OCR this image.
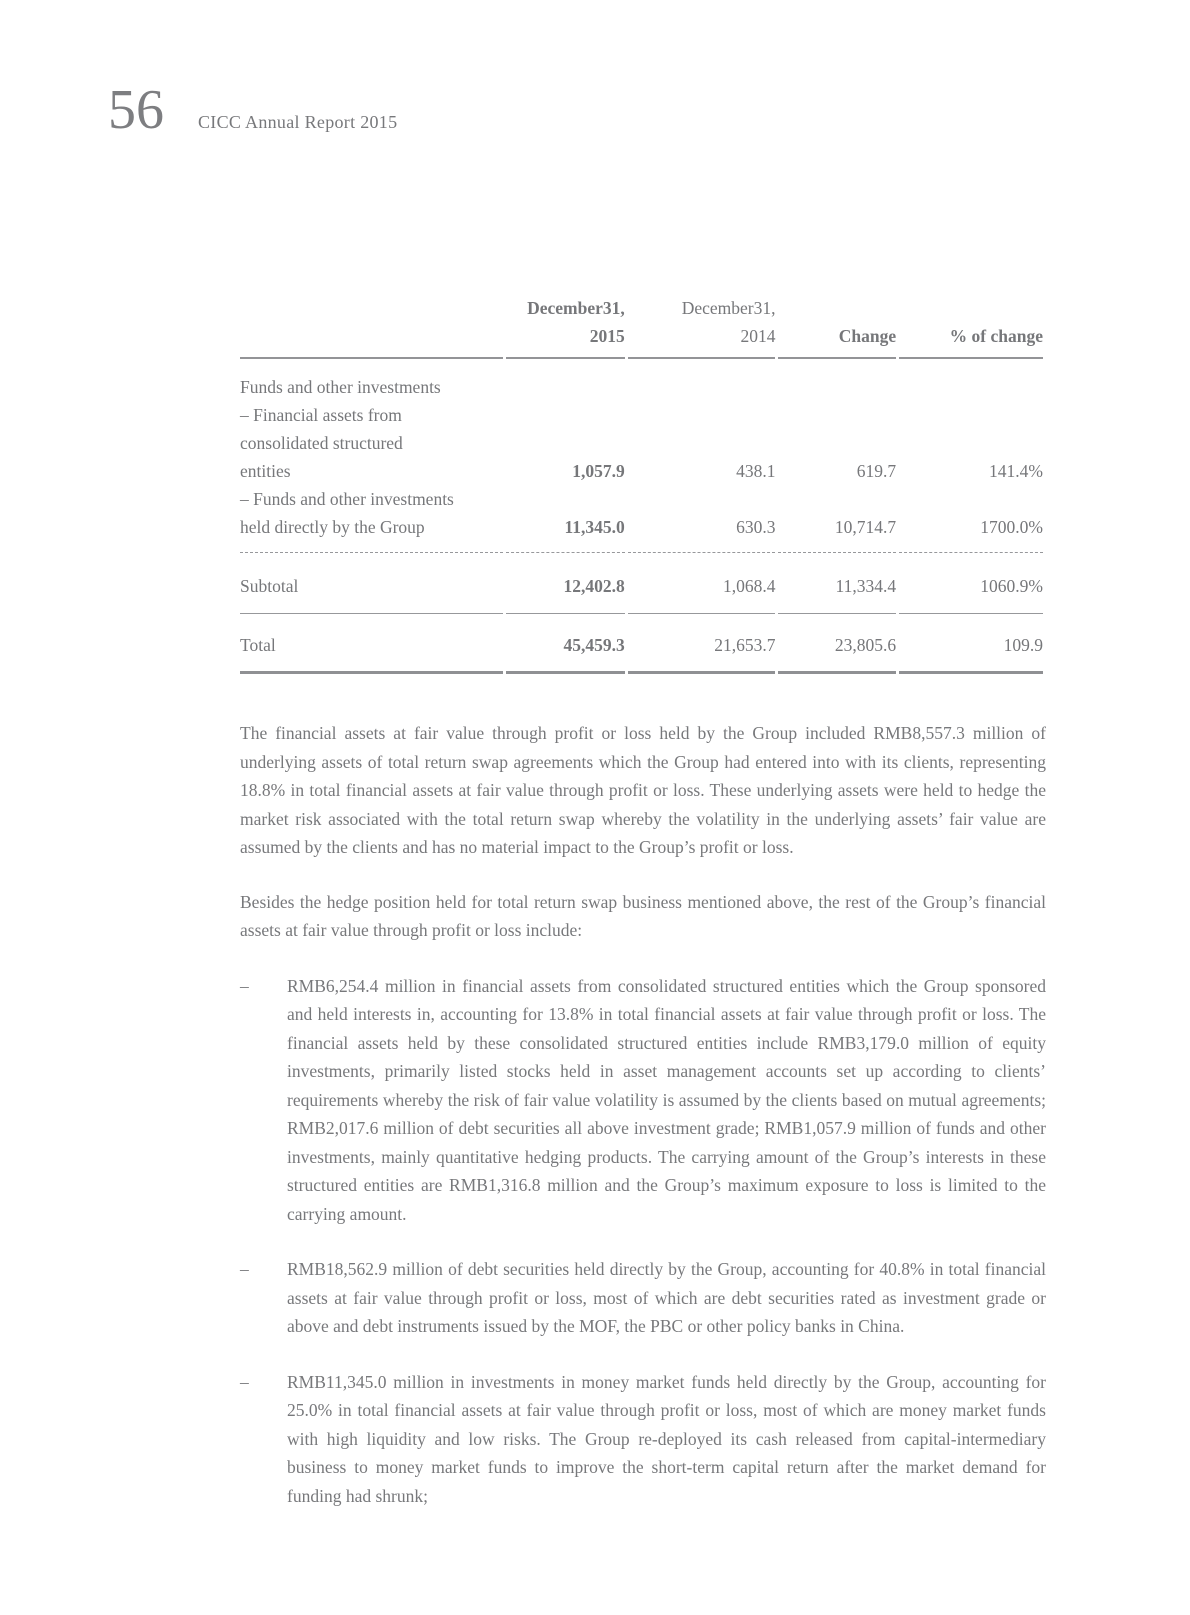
56 CICC Annual Report 2015
	December31,	December31,		
	2015	2014	Change	% of change
Funds and other investments				
– Financial assets from				
consolidated structured				
entities	1,057.9	438.1	619.7	141.4%
– Funds and other investments				
held directly by the Group	11,345.0	630.3	10,714.7	1700.0%
Subtotal	12,402.8	1,068.4	11,334.4	1060.9%
Total	45,459.3	21,653.7	23,805.6	109.9

The financial assets at fair value through profit or loss held by the Group included RMB8,557.3 million of underlying assets of total return swap agreements which the Group had entered into with its clients, representing 18.8% in total financial assets at fair value through profit or loss. These underlying assets were held to hedge the market risk associated with the total return swap whereby the volatility in the underlying assets’ fair value are assumed by the clients and has no material impact to the Group’s profit or loss.

Besides the hedge position held for total return swap business mentioned above, the rest of the Group’s financial assets at fair value through profit or loss include:

–	RMB6,254.4 million in financial assets from consolidated structured entities which the Group sponsored and held interests in, accounting for 13.8% in total financial assets at fair value through profit or loss. The financial assets held by these consolidated structured entities include RMB3,179.0 million of equity investments, primarily listed stocks held in asset management accounts set up according to clients’ requirements whereby the risk of fair value volatility is assumed by the clients based on mutual agreements; RMB2,017.6 million of debt securities all above investment grade; RMB1,057.9 million of funds and other investments, mainly quantitative hedging products. The carrying amount of the Group’s interests in these structured entities are RMB1,316.8 million and the Group’s maximum exposure to loss is limited to the carrying amount.
–	RMB18,562.9 million of debt securities held directly by the Group, accounting for 40.8% in total financial assets at fair value through profit or loss, most of which are debt securities rated as investment grade or above and debt instruments issued by the MOF, the PBC or other policy banks in China.
–	RMB11,345.0 million in investments in money market funds held directly by the Group, accounting for 25.0% in total financial assets at fair value through profit or loss, most of which are money market funds with high liquidity and low risks. The Group re-deployed its cash released from capital-intermediary business to money market funds to improve the short-term capital return after the market demand for funding had shrunk;
